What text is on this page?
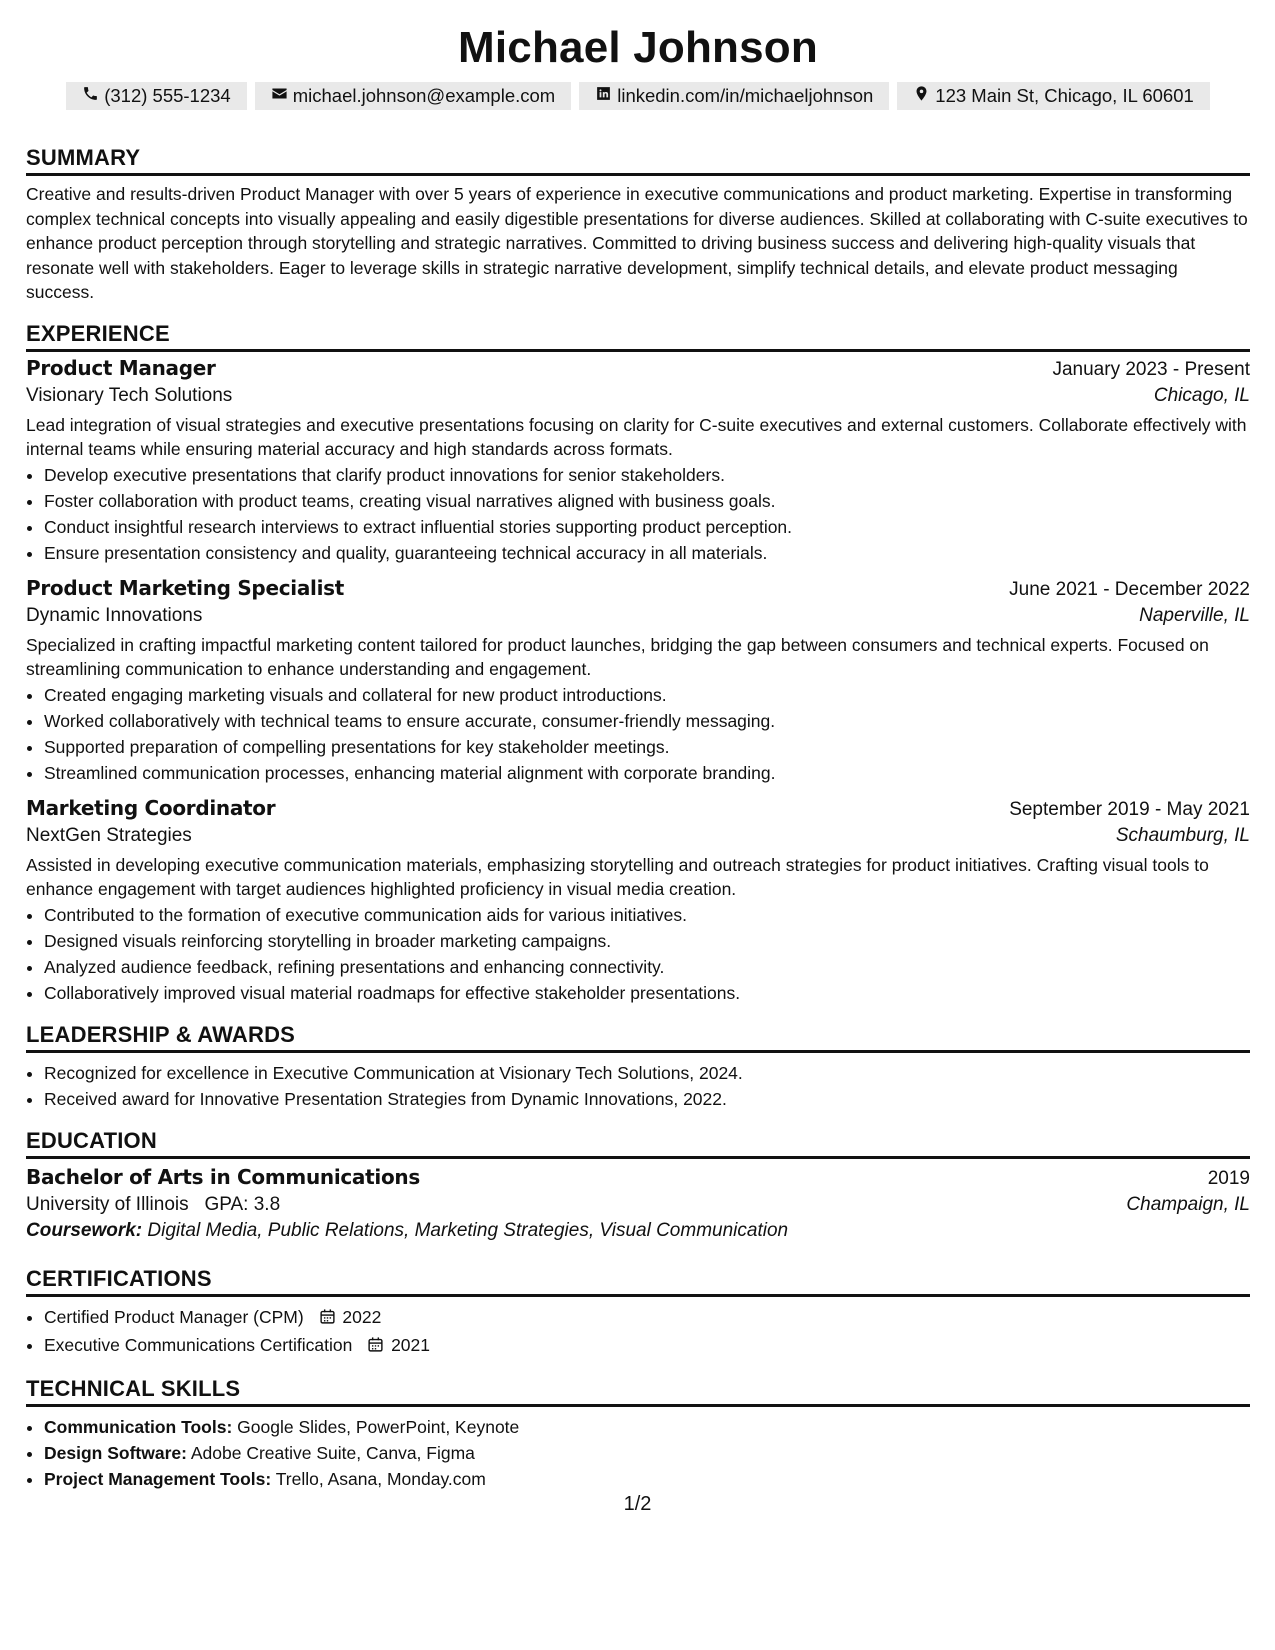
Michael Johnson
(312) 555-1234	michael.johnson@example.com	linkedin.com/in/michaeljohnson	123 Main St, Chicago, IL 60601
SUMMARY

Creative and results-driven Product Manager with over 5 years of experience in executive communications and product marketing. Expertise in transforming complex technical concepts into visually appealing and easily digestible presentations for diverse audiences. Skilled at collaborating with C-suite executives to enhance product perception through storytelling and strategic narratives. Committed to driving business success and delivering high-quality visuals that resonate well with stakeholders. Eager to leverage skills in strategic narrative development, simplify technical details, and elevate product messaging success.

EXPERIENCE
Product Manager	January 2023 - Present
Visionary Tech Solutions	Chicago, IL

Lead integration of visual strategies and executive presentations focusing on clarity for C-suite executives and external customers. Collaborate effectively with internal teams while ensuring material accuracy and high standards across formats.

• Develop executive presentations that clarify product innovations for senior stakeholders.
• Foster collaboration with product teams, creating visual narratives aligned with business goals.
• Conduct insightful research interviews to extract influential stories supporting product perception.
• Ensure presentation consistency and quality, guaranteeing technical accuracy in all materials.
Product Marketing Specialist	June 2021 - December 2022
Dynamic Innovations	Naperville, IL

Specialized in crafting impactful marketing content tailored for product launches, bridging the gap between consumers and technical experts. Focused on streamlining communication to enhance understanding and engagement.

• Created engaging marketing visuals and collateral for new product introductions.
• Worked collaboratively with technical teams to ensure accurate, consumer-friendly messaging.
• Supported preparation of compelling presentations for key stakeholder meetings.
• Streamlined communication processes, enhancing material alignment with corporate branding.
Marketing Coordinator	September 2019 - May 2021
NextGen Strategies	Schaumburg, IL

Assisted in developing executive communication materials, emphasizing storytelling and outreach strategies for product initiatives. Crafting visual tools to enhance engagement with target audiences highlighted proficiency in visual media creation.

• Contributed to the formation of executive communication aids for various initiatives.
• Designed visuals reinforcing storytelling in broader marketing campaigns.
• Analyzed audience feedback, refining presentations and enhancing connectivity.
• Collaboratively improved visual material roadmaps for effective stakeholder presentations.
LEADERSHIP & AWARDS
• Recognized for excellence in Executive Communication at Visionary Tech Solutions, 2024.
• Received award for Innovative Presentation Strategies from Dynamic Innovations, 2022.
EDUCATION
Bachelor of Arts in Communications	2019
University of Illinois GPA: 3.8	Champaign, IL
Coursework: Digital Media, Public Relations, Marketing Strategies, Visual Communication
CERTIFICATIONS
• Certified Product Manager (CPM) 2022
• Executive Communications Certification 2021
TECHNICAL SKILLS
• Communication Tools: Google Slides, PowerPoint, Keynote
• Design Software: Adobe Creative Suite, Canva, Figma
• Project Management Tools: Trello, Asana, Monday.com
1/2
